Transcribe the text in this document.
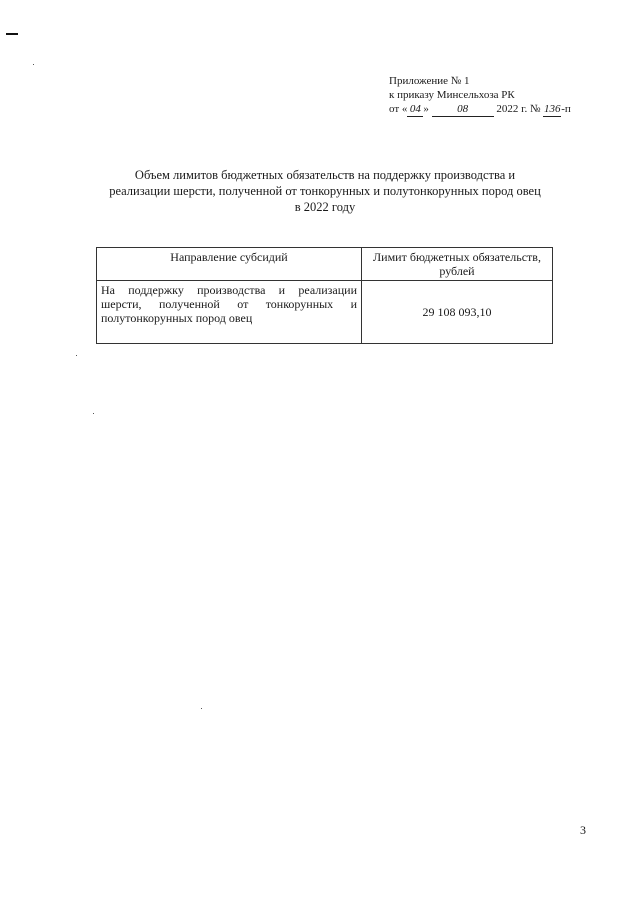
Приложение № 1
к приказу Минсельхоза РК
от « 04 »	08	2022 г. № 136-п
Объем лимитов бюджетных обязательств на поддержку производства и реализации шерсти, полученной от тонкорунных и полутонкорунных пород овец в 2022 году
Направление субсидий	Лимит бюджетных обязательств, рублей
На поддержку производства и реализации шерсти, полученной от тонкорунных и полутонкорунных пород овец	29 108 093,10
3
